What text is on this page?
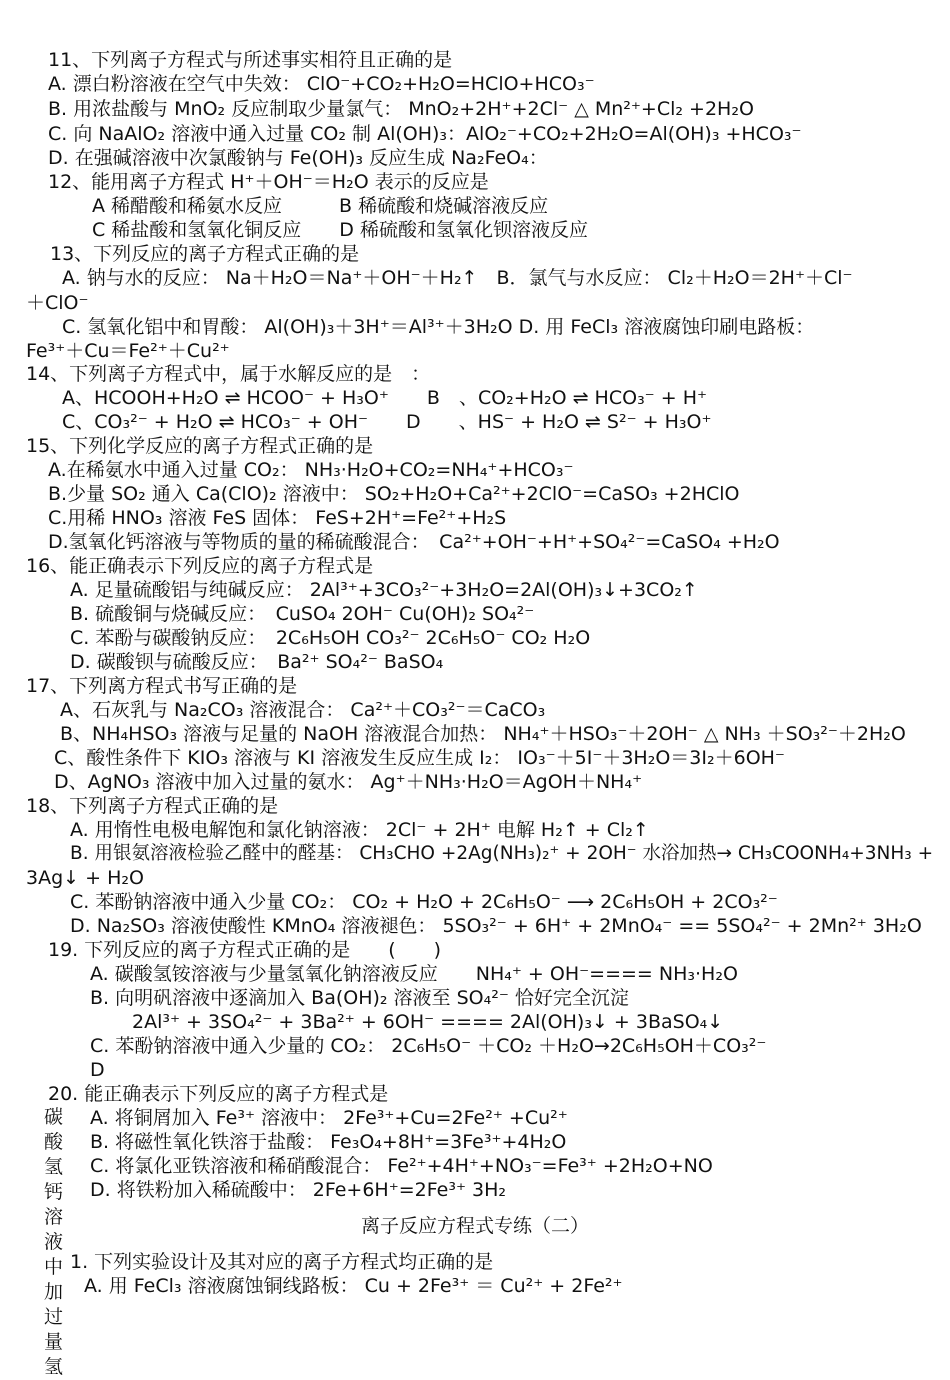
11、下列离子方程式与所述事实相符且正确的是
A. 漂白粉溶液在空气中失效： ClO⁻+CO₂+H₂O=HClO+HCO₃⁻
B. 用浓盐酸与 MnO₂ 反应制取少量氯气： MnO₂+2H⁺+2Cl⁻ △ Mn²⁺+Cl₂ +2H₂O
C. 向 NaAlO₂ 溶液中通入过量 CO₂ 制 Al(OH)₃：AlO₂⁻+CO₂+2H₂O=Al(OH)₃ +HCO₃⁻
D. 在强碱溶液中次氯酸钠与 Fe(OH)₃ 反应生成 Na₂FeO₄：
12、能用离子方程式 H⁺＋OH⁻＝H₂O 表示的反应是
A 稀醋酸和稀氨水反应　　　B 稀硫酸和烧碱溶液反应
C 稀盐酸和氢氧化铜反应　　D 稀硫酸和氢氧化钡溶液反应
13、下列反应的离子方程式正确的是
A. 钠与水的反应： Na＋H₂O＝Na⁺＋OH⁻＋H₂↑　B．氯气与水反应： Cl₂＋H₂O＝2H⁺＋Cl⁻
＋ClO⁻
C. 氢氧化铝中和胃酸： Al(OH)₃＋3H⁺＝Al³⁺＋3H₂O D. 用 FeCl₃ 溶液腐蚀印刷电路板：
Fe³⁺＋Cu＝Fe²⁺＋Cu²⁺
14、下列离子方程式中，属于水解反应的是　：
A、HCOOH+H₂O ⇌ HCOO⁻ + H₃O⁺　　B　、CO₂+H₂O ⇌ HCO₃⁻ + H⁺
C、CO₃²⁻ + H₂O ⇌ HCO₃⁻ + OH⁻　　D　　、HS⁻ + H₂O ⇌ S²⁻ + H₃O⁺
15、下列化学反应的离子方程式正确的是
A.在稀氨水中通入过量 CO₂： NH₃·H₂O+CO₂=NH₄⁺+HCO₃⁻
B.少量 SO₂ 通入 Ca(ClO)₂ 溶液中： SO₂+H₂O+Ca²⁺+2ClO⁻=CaSO₃ +2HClO
C.用稀 HNO₃ 溶液 FeS 固体： FeS+2H⁺=Fe²⁺+H₂S
D.氢氧化钙溶液与等物质的量的稀硫酸混合：　Ca²⁺+OH⁻+H⁺+SO₄²⁻=CaSO₄ +H₂O
16、能正确表示下列反应的离子方程式是
A. 足量硫酸铝与纯碱反应： 2Al³⁺+3CO₃²⁻+3H₂O=2Al(OH)₃↓+3CO₂↑
B. 硫酸铜与烧碱反应：　CuSO₄ 2OH⁻ Cu(OH)₂ SO₄²⁻
C. 苯酚与碳酸钠反应：　2C₆H₅OH CO₃²⁻ 2C₆H₅O⁻ CO₂ H₂O
D. 碳酸钡与硫酸反应：　Ba²⁺ SO₄²⁻ BaSO₄
17、下列离方程式书写正确的是
A、石灰乳与 Na₂CO₃ 溶液混合： Ca²⁺＋CO₃²⁻＝CaCO₃
B、NH₄HSO₃ 溶液与足量的 NaOH 溶液混合加热： NH₄⁺＋HSO₃⁻＋2OH⁻ △ NH₃ ＋SO₃²⁻＋2H₂O
C、酸性条件下 KIO₃ 溶液与 KI 溶液发生反应生成 I₂： IO₃⁻＋5I⁻＋3H₂O＝3I₂＋6OH⁻
D、AgNO₃ 溶液中加入过量的氨水： Ag⁺＋NH₃·H₂O＝AgOH＋NH₄⁺
18、下列离子方程式正确的是
A. 用惰性电极电解饱和氯化钠溶液： 2Cl⁻ + 2H⁺ 电解 H₂↑ + Cl₂↑
B. 用银氨溶液检验乙醛中的醛基： CH₃CHO +2Ag(NH₃)₂⁺ + 2OH⁻ 水浴加热→ CH₃COONH₄+3NH₃ +
3Ag↓ + H₂O
C. 苯酚钠溶液中通入少量 CO₂： CO₂ + H₂O + 2C₆H₅O⁻ ⟶ 2C₆H₅OH + 2CO₃²⁻
D. Na₂SO₃ 溶液使酸性 KMnO₄ 溶液褪色： 5SO₃²⁻ + 6H⁺ + 2MnO₄⁻ == 5SO₄²⁻ + 2Mn²⁺ 3H₂O
19. 下列反应的离子方程式正确的是　　(　　)
A. 碳酸氢铵溶液与少量氢氧化钠溶液反应　　NH₄⁺ + OH⁻==== NH₃·H₂O
B. 向明矾溶液中逐滴加入 Ba(OH)₂ 溶液至 SO₄²⁻ 恰好完全沉淀
2Al³⁺ + 3SO₄²⁻ + 3Ba²⁺ + 6OH⁻ ==== 2Al(OH)₃↓ + 3BaSO₄↓
C. 苯酚钠溶液中通入少量的 CO₂： 2C₆H₅O⁻ ＋CO₂ ＋H₂O→2C₆H₅OH＋CO₃²⁻
D
20. 能正确表示下列反应的离子方程式是
A. 将铜屑加入 Fe³⁺ 溶液中： 2Fe³⁺+Cu=2Fe²⁺ +Cu²⁺
B. 将磁性氧化铁溶于盐酸： Fe₃O₄+8H⁺=3Fe³⁺+4H₂O
C. 将氯化亚铁溶液和稀硝酸混合： Fe²⁺+4H⁺+NO₃⁻=Fe³⁺ +2H₂O+NO
D. 将铁粉加入稀硫酸中： 2Fe+6H⁺=2Fe³⁺ 3H₂
离子反应方程式专练（二）
1. 下列实验设计及其对应的离子方程式均正确的是
A. 用 FeCl₃ 溶液腐蚀铜线路板： Cu + 2Fe³⁺ ＝ Cu²⁺ + 2Fe²⁺
碳酸氢钙溶液中加过量氢
